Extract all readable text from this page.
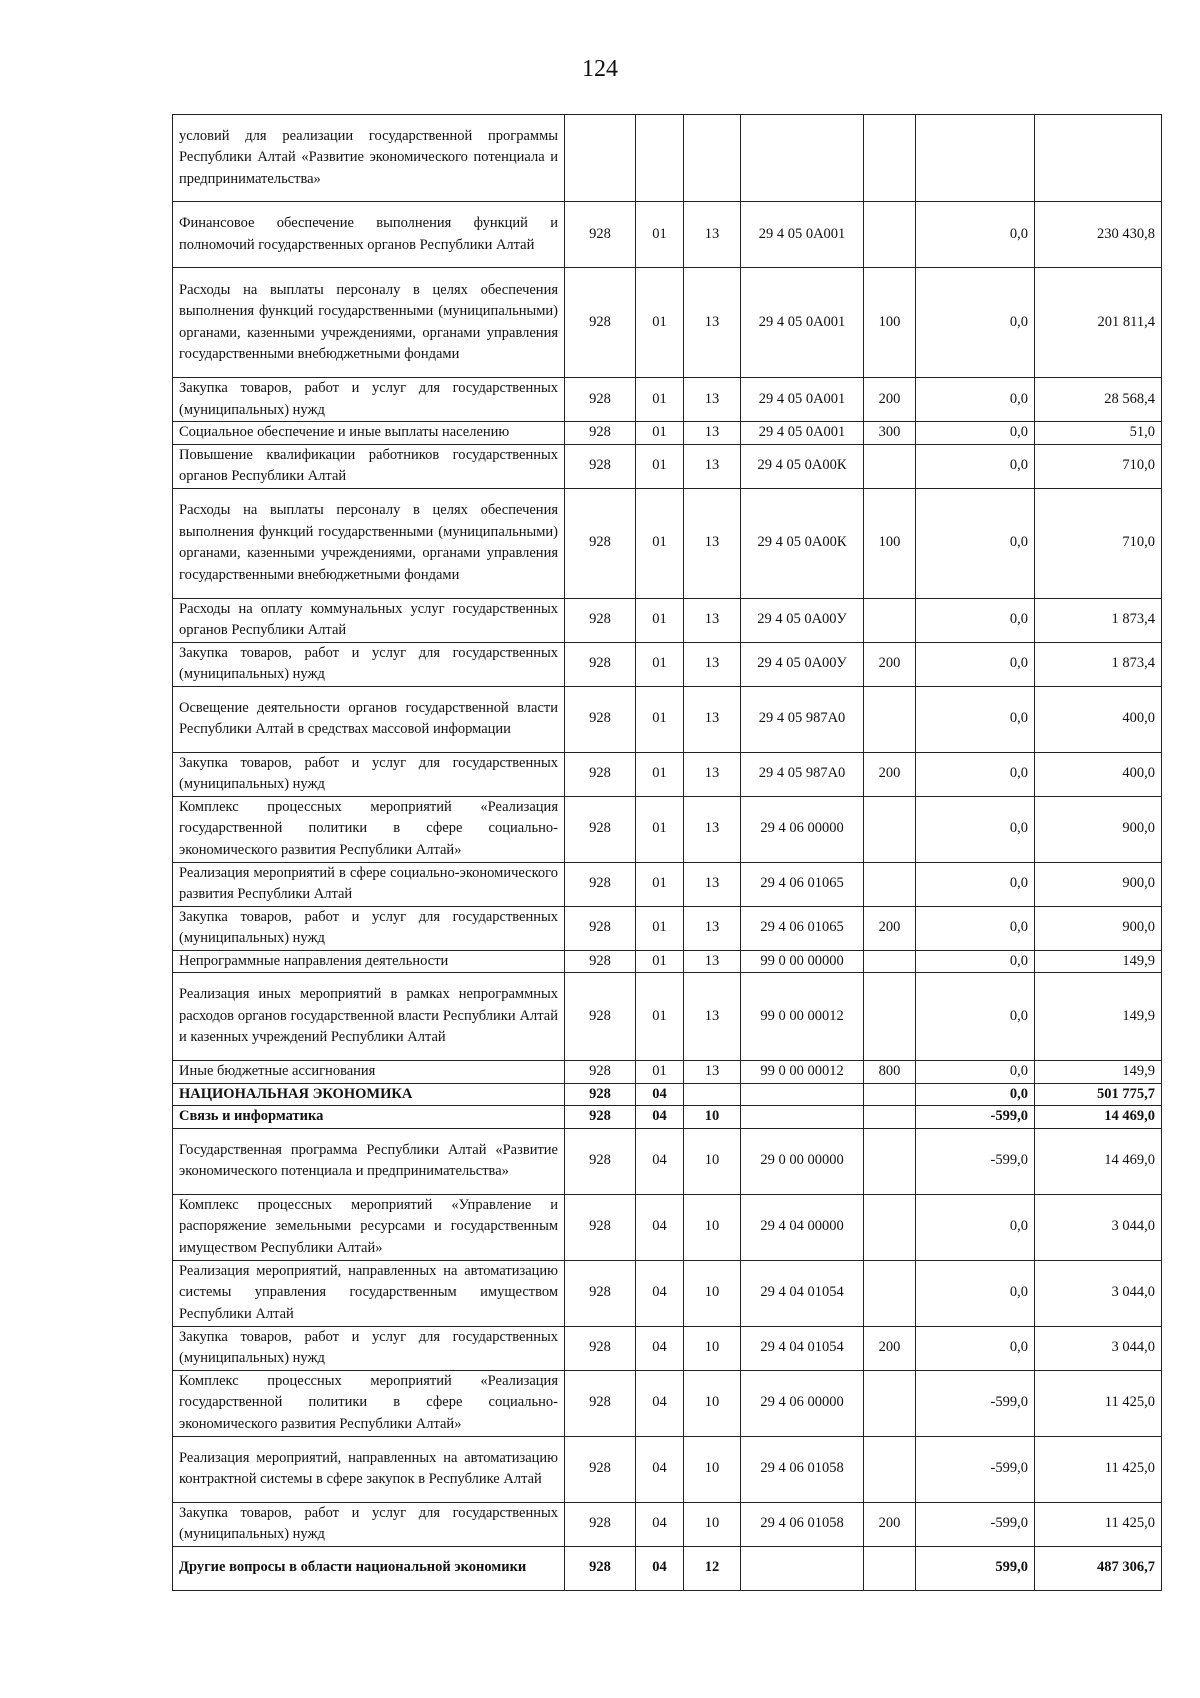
124
условий для реализации государственной программы Республики Алтай «Развитие экономического потенциала и предпринимательства»							
Финансовое обеспечение выполнения функций и полномочий государственных органов Республики Алтай	928	01	13	29 4 05 0А001		0,0	230 430,8
Расходы на выплаты персоналу в целях обеспечения выполнения функций государственными (муниципальными) органами, казенными учреждениями, органами управления государственными внебюджетными фондами	928	01	13	29 4 05 0А001	100	0,0	201 811,4
Закупка товаров, работ и услуг для государственных (муниципальных) нужд	928	01	13	29 4 05 0А001	200	0,0	28 568,4
Социальное обеспечение и иные выплаты населению	928	01	13	29 4 05 0А001	300	0,0	51,0
Повышение квалификации работников государственных органов Республики Алтай	928	01	13	29 4 05 0А00К		0,0	710,0
Расходы на выплаты персоналу в целях обеспечения выполнения функций государственными (муниципальными) органами, казенными учреждениями, органами управления государственными внебюджетными фондами	928	01	13	29 4 05 0А00К	100	0,0	710,0
Расходы на оплату коммунальных услуг государственных органов Республики Алтай	928	01	13	29 4 05 0А00У		0,0	1 873,4
Закупка товаров, работ и услуг для государственных (муниципальных) нужд	928	01	13	29 4 05 0А00У	200	0,0	1 873,4
Освещение деятельности органов государственной власти Республики Алтай в средствах массовой информации	928	01	13	29 4 05 987А0		0,0	400,0
Закупка товаров, работ и услуг для государственных (муниципальных) нужд	928	01	13	29 4 05 987А0	200	0,0	400,0
Комплекс процессных мероприятий «Реализация государственной политики в сфере социально-экономического развития Республики Алтай»	928	01	13	29 4 06 00000		0,0	900,0
Реализация мероприятий в сфере социально-экономического развития Республики Алтай	928	01	13	29 4 06 01065		0,0	900,0
Закупка товаров, работ и услуг для государственных (муниципальных) нужд	928	01	13	29 4 06 01065	200	0,0	900,0
Непрограммные направления деятельности	928	01	13	99 0 00 00000		0,0	149,9
Реализация иных мероприятий в рамках непрограммных расходов органов государственной власти Республики Алтай и казенных учреждений Республики Алтай	928	01	13	99 0 00 00012		0,0	149,9
Иные бюджетные ассигнования	928	01	13	99 0 00 00012	800	0,0	149,9
НАЦИОНАЛЬНАЯ ЭКОНОМИКА	928	04				0,0	501 775,7
Связь и информатика	928	04	10			-599,0	14 469,0
Государственная программа Республики Алтай «Развитие экономического потенциала и предпринимательства»	928	04	10	29 0 00 00000		-599,0	14 469,0
Комплекс процессных мероприятий «Управление и распоряжение земельными ресурсами и государственным имуществом Республики Алтай»	928	04	10	29 4 04 00000		0,0	3 044,0
Реализация мероприятий, направленных на автоматизацию системы управления государственным имуществом Республики Алтай	928	04	10	29 4 04 01054		0,0	3 044,0
Закупка товаров, работ и услуг для государственных (муниципальных) нужд	928	04	10	29 4 04 01054	200	0,0	3 044,0
Комплекс процессных мероприятий «Реализация государственной политики в сфере социально-экономического развития Республики Алтай»	928	04	10	29 4 06 00000		-599,0	11 425,0
Реализация мероприятий, направленных на автоматизацию контрактной системы в сфере закупок в Республике Алтай	928	04	10	29 4 06 01058		-599,0	11 425,0
Закупка товаров, работ и услуг для государственных (муниципальных) нужд	928	04	10	29 4 06 01058	200	-599,0	11 425,0
Другие вопросы в области национальной экономики	928	04	12			599,0	487 306,7
